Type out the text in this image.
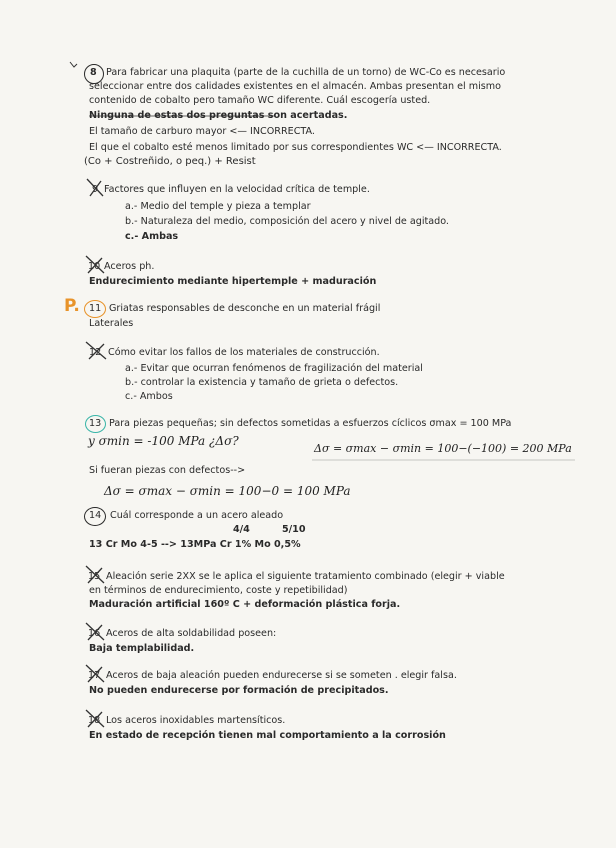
8 Para fabricar una plaquita (parte de la cuchilla de un torno) de WC-Co es necesario
seleccionar entre dos calidades existentes en el almacén. Ambas presentan el mismo
contenido de cobalto pero tamaño WC diferente. Cuál escogería usted.
Ninguna de estas dos preguntas son acertadas.
El tamaño de carburo mayor <— INCORRECTA.
El que el cobalto esté menos limitado por sus correspondientes WC <— INCORRECTA.
(Co + Costreñido, o peq.) + Resist
9 Factores que influyen en la velocidad crítica de temple.
a.- Medio del temple y pieza a templar
b.- Naturaleza del medio, composición del acero y nivel de agitado.
c.- Ambas
10 Aceros ph.
Endurecimiento mediante hipertemple + maduración
P. 11 Griatas responsables de desconche en un material frágil
Laterales
12 Cómo evitar los fallos de los materiales de construcción.
a.- Evitar que ocurran fenómenos de fragilización del material
b.- controlar la existencia y tamaño de grieta o defectos.
c.- Ambos
13 Para piezas pequeñas; sin defectos sometidas a esfuerzos cíclicos σmax = 100 MPa
y σmin = -100 MPa ¿Δσ?
Δσ = σmax − σmin = 100−(−100) = 200 MPa
Si fueran piezas con defectos-->
Δσ = σmax − σmin = 100−0 = 100 MPa
14 Cuál corresponde a un acero aleado
4/4	5/10
13 Cr Mo 4-5 --> 13MPa Cr 1% Mo 0,5%
15 Aleación serie 2XX se le aplica el siguiente tratamiento combinado (elegir + viable
en términos de endurecimiento, coste y repetibilidad)
Maduración artificial 160º C + deformación plástica forja.
16 Aceros de alta soldabilidad poseen:
Baja templabilidad.
17 Aceros de baja aleación pueden endurecerse si se someten . elegir falsa.
No pueden endurecerse por formación de precipitados.
18 Los aceros inoxidables martensíticos.
En estado de recepción tienen mal comportamiento a la corrosión
